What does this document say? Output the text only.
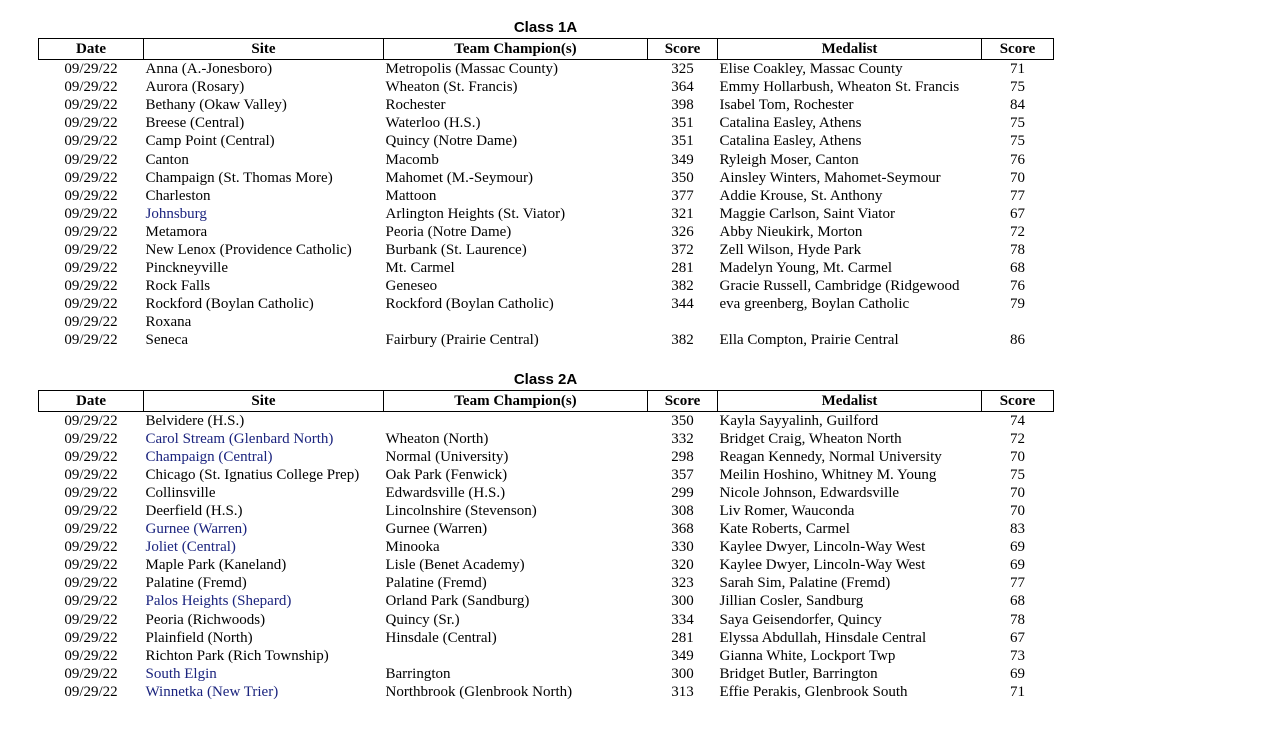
Class 1A
Date	Site	Team Champion(s)	Score	Medalist	Score
09/29/22	Anna (A.-Jonesboro)	Metropolis (Massac County)	325	Elise Coakley, Massac County	71
09/29/22	Aurora (Rosary)	Wheaton (St. Francis)	364	Emmy Hollarbush, Wheaton St. Francis	75
09/29/22	Bethany (Okaw Valley)	Rochester	398	Isabel Tom, Rochester	84
09/29/22	Breese (Central)	Waterloo (H.S.)	351	Catalina Easley, Athens	75
09/29/22	Camp Point (Central)	Quincy (Notre Dame)	351	Catalina Easley, Athens	75
09/29/22	Canton	Macomb	349	Ryleigh Moser, Canton	76
09/29/22	Champaign (St. Thomas More)	Mahomet (M.-Seymour)	350	Ainsley Winters, Mahomet-Seymour	70
09/29/22	Charleston	Mattoon	377	Addie Krouse, St. Anthony	77
09/29/22	Johnsburg	Arlington Heights (St. Viator)	321	Maggie Carlson, Saint Viator	67
09/29/22	Metamora	Peoria (Notre Dame)	326	Abby Nieukirk, Morton	72
09/29/22	New Lenox (Providence Catholic)	Burbank (St. Laurence)	372	Zell Wilson, Hyde Park	78
09/29/22	Pinckneyville	Mt. Carmel	281	Madelyn Young, Mt. Carmel	68
09/29/22	Rock Falls	Geneseo	382	Gracie Russell, Cambridge (Ridgewood	76
09/29/22	Rockford (Boylan Catholic)	Rockford (Boylan Catholic)	344	eva greenberg, Boylan Catholic	79
09/29/22	Roxana				
09/29/22	Seneca	Fairbury (Prairie Central)	382	Ella Compton, Prairie Central	86
Class 2A
Date	Site	Team Champion(s)	Score	Medalist	Score
09/29/22	Belvidere (H.S.)		350	Kayla Sayyalinh, Guilford	74
09/29/22	Carol Stream (Glenbard North)	Wheaton (North)	332	Bridget Craig, Wheaton North	72
09/29/22	Champaign (Central)	Normal (University)	298	Reagan Kennedy, Normal University	70
09/29/22	Chicago (St. Ignatius College Prep)	Oak Park (Fenwick)	357	Meilin Hoshino, Whitney M. Young	75
09/29/22	Collinsville	Edwardsville (H.S.)	299	Nicole Johnson, Edwardsville	70
09/29/22	Deerfield (H.S.)	Lincolnshire (Stevenson)	308	Liv Romer, Wauconda	70
09/29/22	Gurnee (Warren)	Gurnee (Warren)	368	Kate Roberts, Carmel	83
09/29/22	Joliet (Central)	Minooka	330	Kaylee Dwyer, Lincoln-Way West	69
09/29/22	Maple Park (Kaneland)	Lisle (Benet Academy)	320	Kaylee Dwyer, Lincoln-Way West	69
09/29/22	Palatine (Fremd)	Palatine (Fremd)	323	Sarah Sim, Palatine (Fremd)	77
09/29/22	Palos Heights (Shepard)	Orland Park (Sandburg)	300	Jillian Cosler, Sandburg	68
09/29/22	Peoria (Richwoods)	Quincy (Sr.)	334	Saya Geisendorfer, Quincy	78
09/29/22	Plainfield (North)	Hinsdale (Central)	281	Elyssa Abdullah, Hinsdale Central	67
09/29/22	Richton Park (Rich Township)		349	Gianna White, Lockport Twp	73
09/29/22	South Elgin	Barrington	300	Bridget Butler, Barrington	69
09/29/22	Winnetka (New Trier)	Northbrook (Glenbrook North)	313	Effie Perakis, Glenbrook South	71
